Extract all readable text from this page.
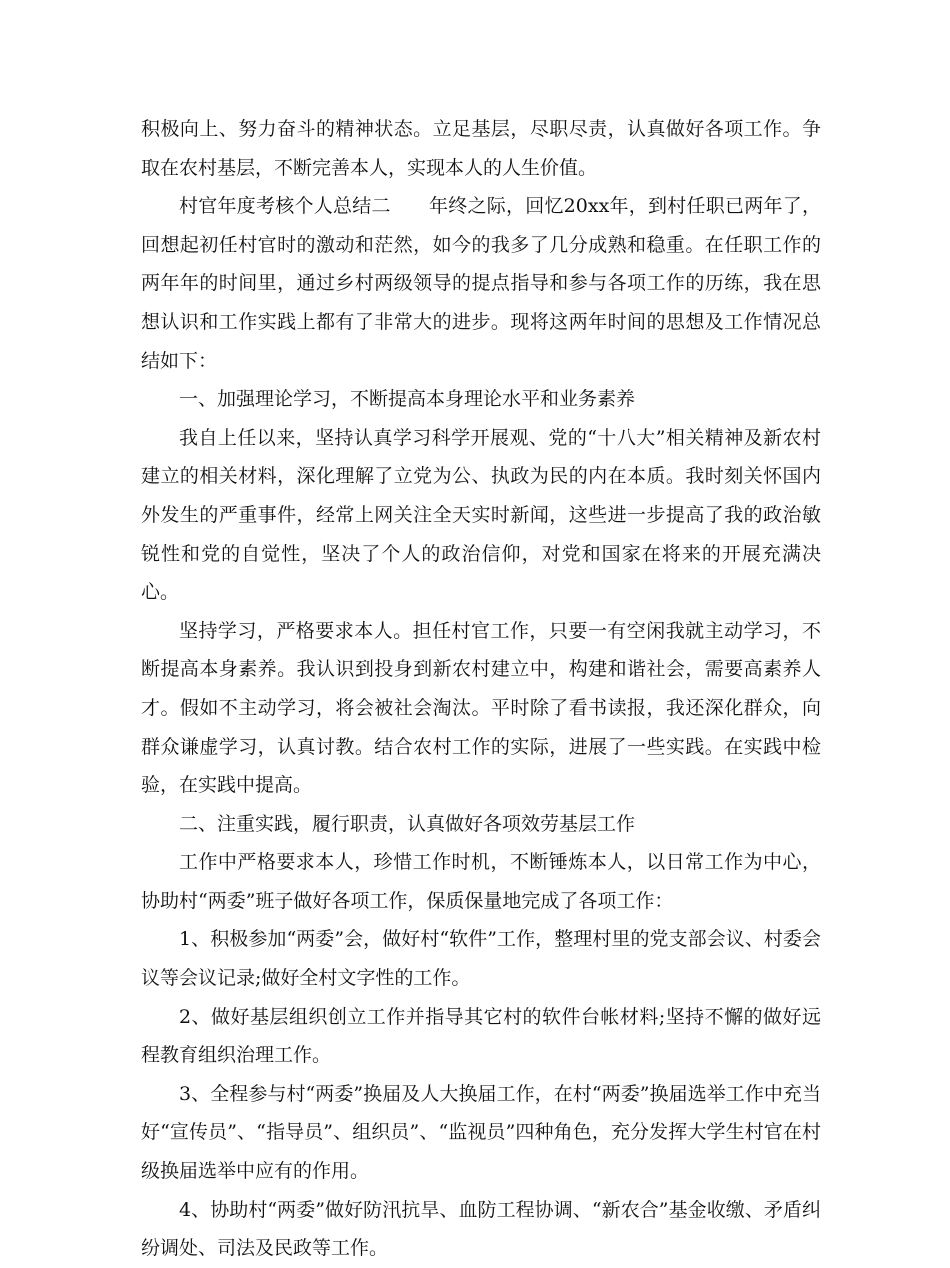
积极向上、努力奋斗的精神状态。立足基层，尽职尽责，认真做好各项工作。争取在农村基层，不断完善本人，实现本人的人生价值。

村官年度考核个人总结二 年终之际，回忆20xx年，到村任职已两年了，回想起初任村官时的激动和茫然，如今的我多了几分成熟和稳重。在任职工作的两年年的时间里，通过乡村两级领导的提点指导和参与各项工作的历练，我在思想认识和工作实践上都有了非常大的进步。现将这两年时间的思想及工作情况总结如下：

一、加强理论学习，不断提高本身理论水平和业务素养

我自上任以来，坚持认真学习科学开展观、党的“十八大”相关精神及新农村建立的相关材料，深化理解了立党为公、执政为民的内在本质。我时刻关怀国内外发生的严重事件，经常上网关注全天实时新闻，这些进一步提高了我的政治敏锐性和党的自觉性，坚决了个人的政治信仰，对党和国家在将来的开展充满决心。

坚持学习，严格要求本人。担任村官工作，只要一有空闲我就主动学习，不断提高本身素养。我认识到投身到新农村建立中，构建和谐社会，需要高素养人才。假如不主动学习，将会被社会淘汰。平时除了看书读报，我还深化群众，向群众谦虚学习，认真讨教。结合农村工作的实际，进展了一些实践。在实践中检验，在实践中提高。

二、注重实践，履行职责，认真做好各项效劳基层工作

工作中严格要求本人，珍惜工作时机，不断锤炼本人，以日常工作为中心，协助村“两委”班子做好各项工作，保质保量地完成了各项工作：

1、积极参加“两委”会，做好村“软件”工作，整理村里的党支部会议、村委会议等会议记录;做好全村文字性的工作。

2、做好基层组织创立工作并指导其它村的软件台帐材料;坚持不懈的做好远程教育组织治理工作。

3、全程参与村“两委”换届及人大换届工作，在村“两委”换届选举工作中充当好“宣传员”、“指导员”、组织员”、“监视员”四种角色，充分发挥大学生村官在村级换届选举中应有的作用。

4、协助村“两委”做好防汛抗旱、血防工程协调、“新农合”基金收缴、矛盾纠纷调处、司法及民政等工作。
